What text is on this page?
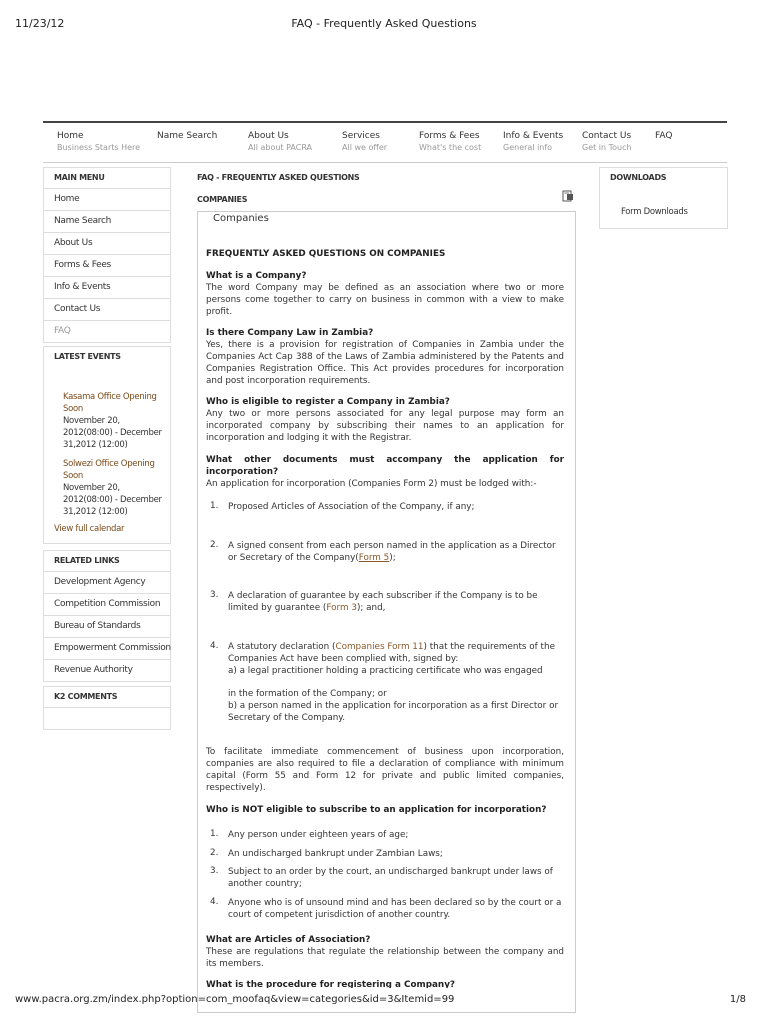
11/23/12	FAQ - Frequently Asked Questions
www.pacra.org.zm/index.php?option=com_moofaq&view=categories&id=3&Itemid=99	1/8
Home
Business Starts Here
Name Search	About Us
All about PACRA
Services
All we offer
Forms & Fees
What's the cost
Info & Events
General info
Contact Us
Get in Touch
FAQ
MAIN MENU
Home
Name Search
About Us
Forms & Fees
Info & Events
Contact Us
FAQ
LATEST EVENTS
Kasama Office Opening Soon
November 20, 2012(08:00) - December 31,2012 (12:00)
Solwezi Office Opening Soon
November 20, 2012(08:00) - December 31,2012 (12:00)
View full calendar
RELATED LINKS
Development Agency
Competition Commission
Bureau of Standards
Empowerment Commission
Revenue Authority
K2 COMMENTS
FAQ - FREQUENTLY ASKED QUESTIONS
COMPANIES
Companies
FREQUENTLY ASKED QUESTIONS ON COMPANIES
What is a Company?
The word Company may be defined as an association where two or more persons come together to carry on business in common with a view to make profit.
Is there Company Law in Zambia?
Yes, there is a provision for registration of Companies in Zambia under the Companies Act Cap 388 of the Laws of Zambia administered by the Patents and Companies Registration Office. This Act provides procedures for incorporation and post incorporation requirements.
Who is eligible to register a Company in Zambia?
Any two or more persons associated for any legal purpose may form an incorporated company by subscribing their names to an application for incorporation and lodging it with the Registrar.
What other documents must accompany the application for incorporation?
An application for incorporation (Companies Form 2) must be lodged with:-
1. Proposed Articles of Association of the Company, if any;
2. A signed consent from each person named in the application as a Director or Secretary of the Company(Form 5);
3. A declaration of guarantee by each subscriber if the Company is to be limited by guarantee (Form 3); and,
4. A statutory declaration (Companies Form 11) that the requirements of the Companies Act have been complied with, signed by:
a) a legal practitioner holding a practicing certificate who was engaged
in the formation of the Company; or
b) a person named in the application for incorporation as a first Director or Secretary of the Company.
To facilitate immediate commencement of business upon incorporation, companies are also required to file a declaration of compliance with minimum capital (Form 55 and Form 12 for private and public limited companies, respectively).
Who is NOT eligible to subscribe to an application for incorporation?
1. Any person under eighteen years of age;
2. An undischarged bankrupt under Zambian Laws;
3. Subject to an order by the court, an undischarged bankrupt under laws of another country;
4. Anyone who is of unsound mind and has been declared so by the court or a court of competent jurisdiction of another country.
What are Articles of Association?
These are regulations that regulate the relationship between the company and its members.
What is the procedure for registering a Company?
DOWNLOADS
Form Downloads
